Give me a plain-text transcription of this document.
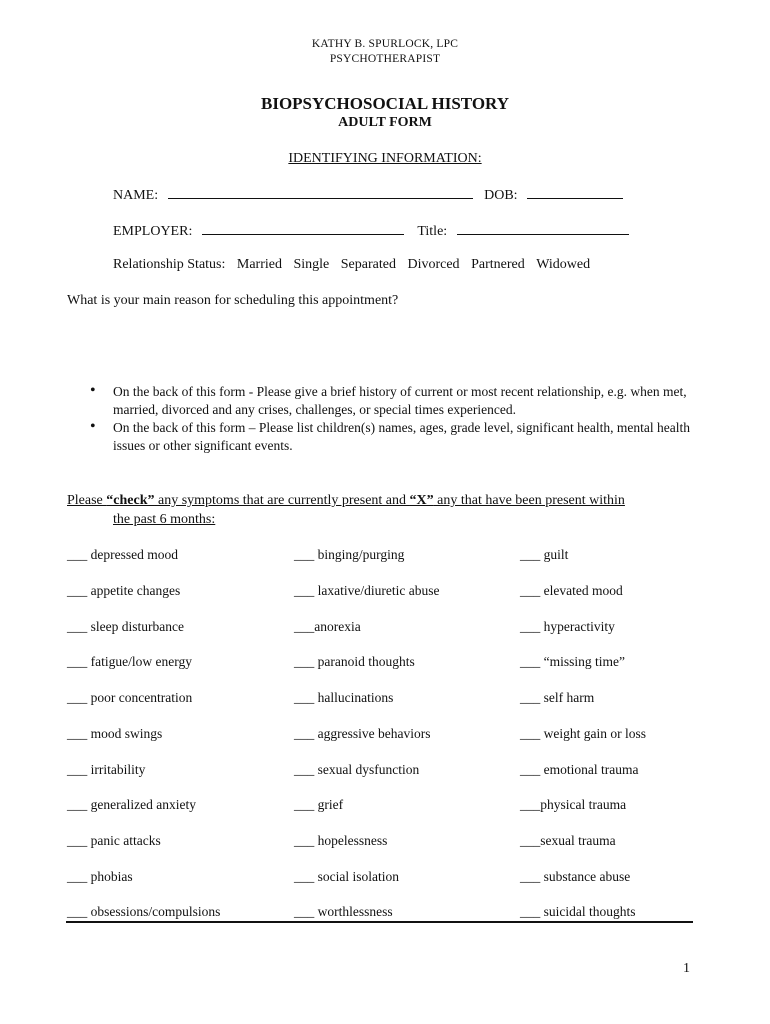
KATHY B. SPURLOCK, LPC
PSYCHOTHERAPIST
BIOPSYCHOSOCIAL HISTORY
ADULT FORM
IDENTIFYING INFORMATION:
NAME:	DOB:
EMPLOYER:	Title:
Relationship Status: Married Single Separated Divorced Partnered Widowed
What is your main reason for scheduling this appointment?
• On the back of this form - Please give a brief history of current or most recent relationship, e.g. when met, married, divorced and any crises, challenges, or special times experienced.
• On the back of this form – Please list children(s) names, ages, grade level, significant health, mental health issues or other significant events.
Please “check” any symptoms that are currently present and “X” any that have been present within
the past 6 months:
___ depressed mood
___ appetite changes
___ sleep disturbance
___ fatigue/low energy
___ poor concentration
___ mood swings
___ irritability
___ generalized anxiety
___ panic attacks
___ phobias
___ obsessions/compulsions
___ binging/purging
___ laxative/diuretic abuse
___anorexia
___ paranoid thoughts
___ hallucinations
___ aggressive behaviors
___ sexual dysfunction
___ grief
___ hopelessness
___ social isolation
___ worthlessness
___ guilt
___ elevated mood
___ hyperactivity
___ “missing time”
___ self harm
___ weight gain or loss
___ emotional trauma
___physical trauma
___sexual trauma
___ substance abuse
___ suicidal thoughts
1
